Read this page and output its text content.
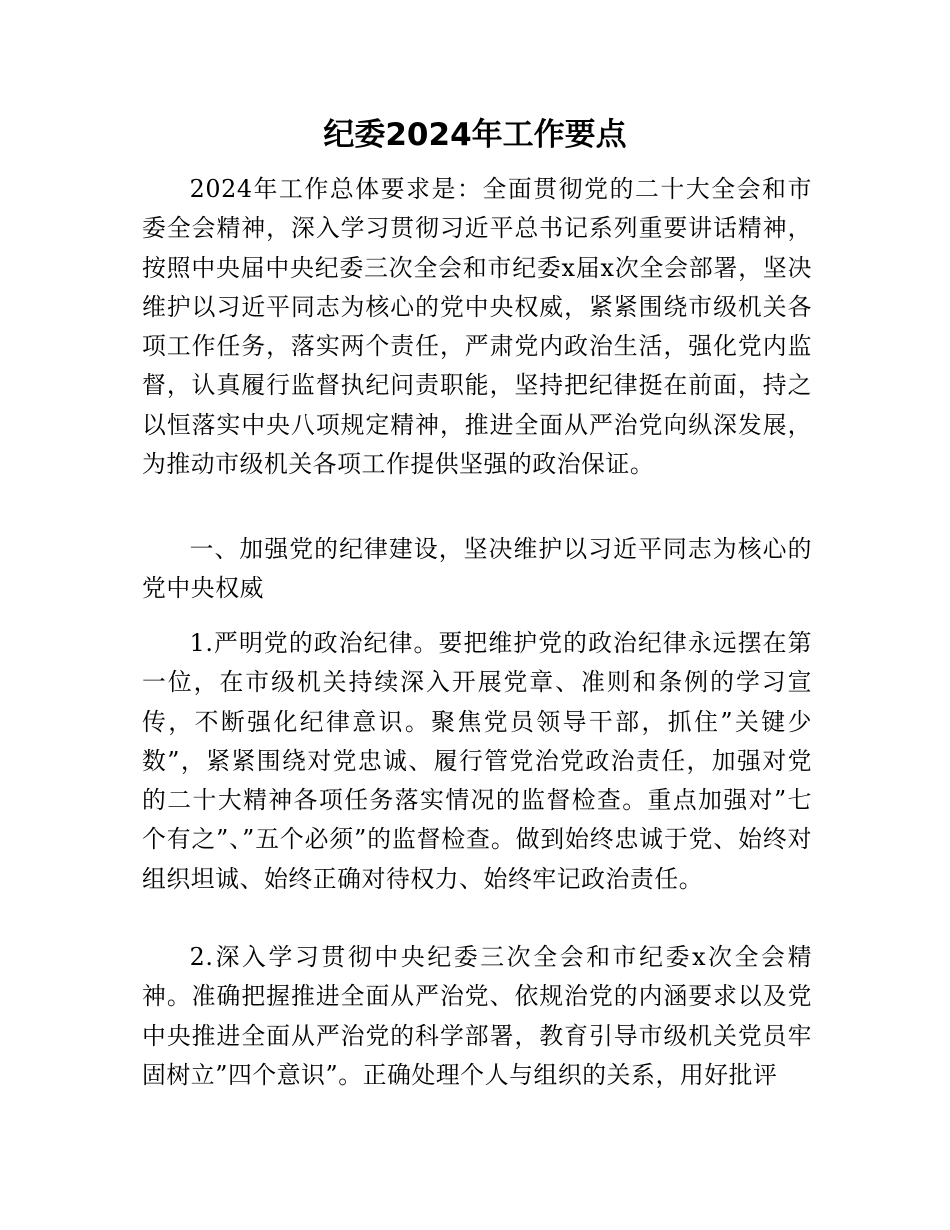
纪委2024年工作要点

2024年工作总体要求是：全面贯彻党的二十大全会和市委全会精神，深入学习贯彻习近平总书记系列重要讲话精神，按照中央届中央纪委三次全会和市纪委x届x次全会部署，坚决维护以习近平同志为核心的党中央权威，紧紧围绕市级机关各项工作任务，落实两个责任，严肃党内政治生活，强化党内监督，认真履行监督执纪问责职能，坚持把纪律挺在前面，持之以恒落实中央八项规定精神，推进全面从严治党向纵深发展，为推动市级机关各项工作提供坚强的政治保证。

一、加强党的纪律建设，坚决维护以习近平同志为核心的党中央权威

1.严明党的政治纪律。要把维护党的政治纪律永远摆在第一位，在市级机关持续深入开展党章、准则和条例的学习宣传，不断强化纪律意识。聚焦党员领导干部，抓住”关键少数”，紧紧围绕对党忠诚、履行管党治党政治责任，加强对党的二十大精神各项任务落实情况的监督检查。重点加强对”七个有之”、”五个必须”的监督检查。做到始终忠诚于党、始终对组织坦诚、始终正确对待权力、始终牢记政治责任。

2.深入学习贯彻中央纪委三次全会和市纪委x次全会精神。准确把握推进全面从严治党、依规治党的内涵要求以及党中央推进全面从严治党的科学部署，教育引导市级机关党员牢固树立”四个意识”。正确处理个人与组织的关系，用好批评
